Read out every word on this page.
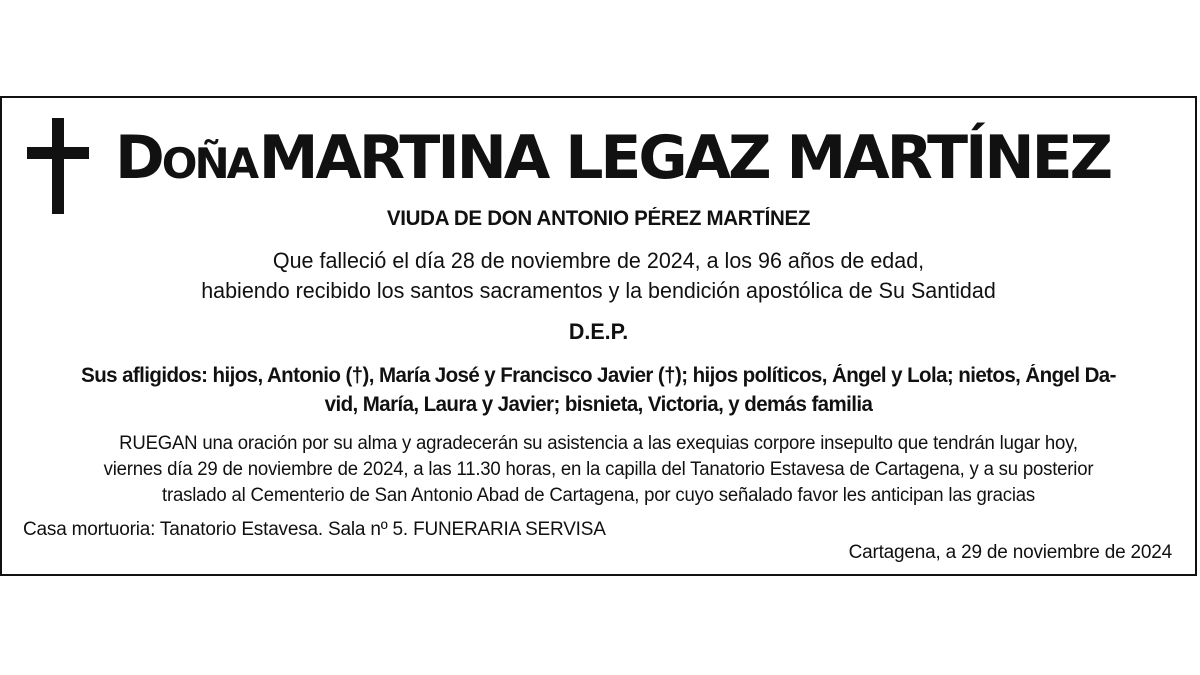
Doña MARTINA LEGAZ MARTÍNEZ
VIUDA DE DON ANTONIO PÉREZ MARTÍNEZ
Que falleció el día 28 de noviembre de 2024, a los 96 años de edad,
habiendo recibido los santos sacramentos y la bendición apostólica de Su Santidad
D.E.P.
Sus afligidos: hijos, Antonio (†), María José y Francisco Javier (†); hijos políticos, Ángel y Lola; nietos, Ángel Da-
vid, María, Laura y Javier; bisnieta, Victoria, y demás familia
RUEGAN una oración por su alma y agradecerán su asistencia a las exequias corpore insepulto que tendrán lugar hoy,
viernes día 29 de noviembre de 2024, a las 11.30 horas, en la capilla del Tanatorio Estavesa de Cartagena, y a su posterior
traslado al Cementerio de San Antonio Abad de Cartagena, por cuyo señalado favor les anticipan las gracias
Casa mortuoria: Tanatorio Estavesa. Sala nº 5. FUNERARIA SERVISA
Cartagena, a 29 de noviembre de 2024
